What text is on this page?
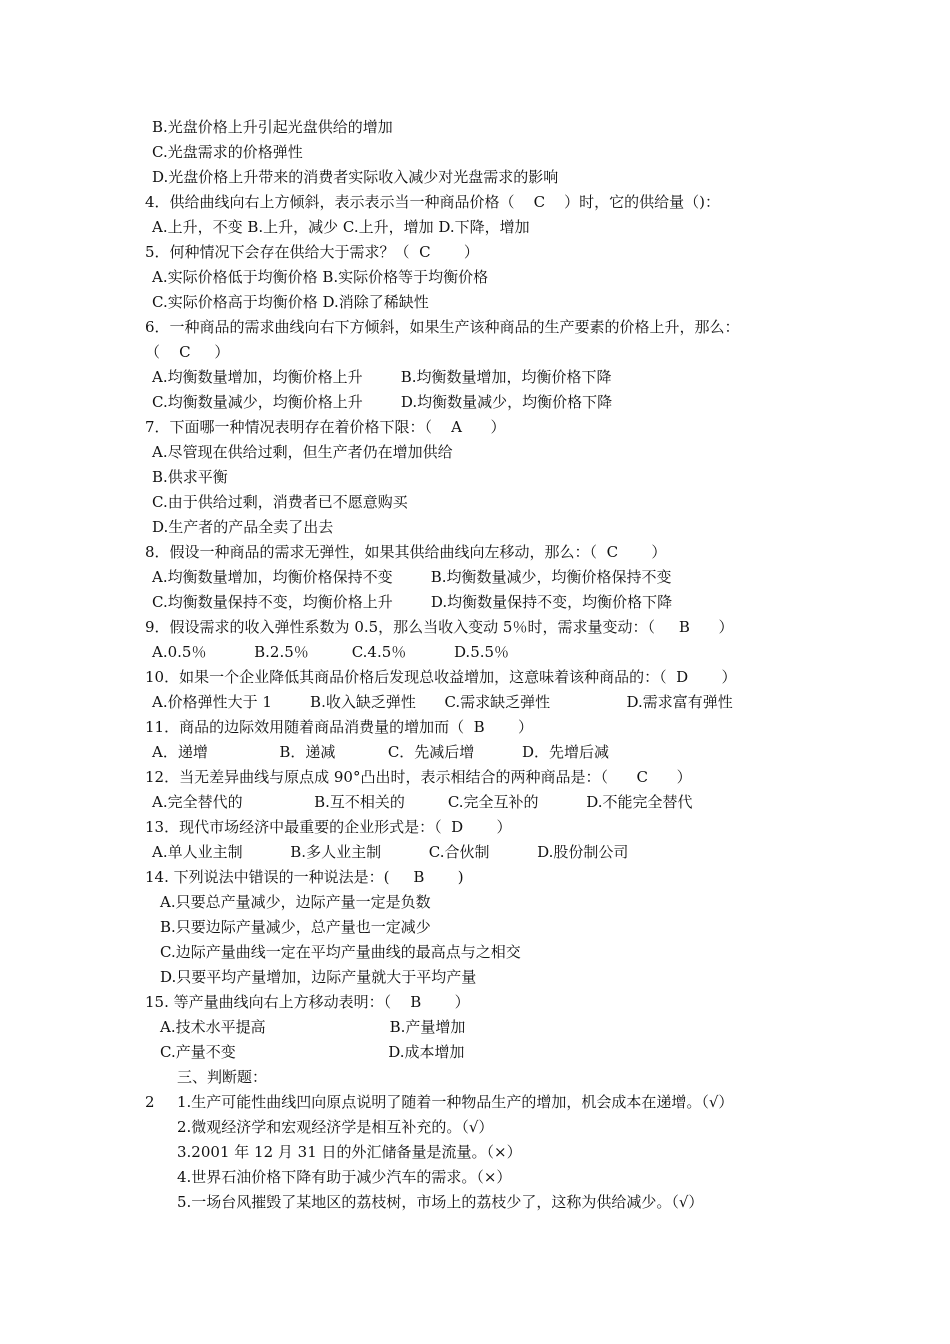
B.光盘价格上升引起光盘供给的增加
C.光盘需求的价格弹性
D.光盘价格上升带来的消费者实际收入减少对光盘需求的影响
4．供给曲线向右上方倾斜，表示表示当一种商品价格（    C    ）时，它的供给量（)：
A.上升，不变 B.上升，减少 C.上升，增加 D.下降，增加
5．何种情况下会存在供给大于需求？（  C       ）
A.实际价格低于均衡价格 B.实际价格等于均衡价格
C.实际价格高于均衡价格 D.消除了稀缺性
6．一种商品的需求曲线向右下方倾斜，如果生产该种商品的生产要素的价格上升，那么：
（    C     ）
A.均衡数量增加，均衡价格上升        B.均衡数量增加，均衡价格下降
C.均衡数量减少，均衡价格上升        D.均衡数量减少，均衡价格下降
7．下面哪一种情况表明存在着价格下限：（    A      ）
A.尽管现在供给过剩，但生产者仍在增加供给
B.供求平衡
C.由于供给过剩，消费者已不愿意购买
D.生产者的产品全卖了出去
8．假设一种商品的需求无弹性，如果其供给曲线向左移动，那么：（  C       ）
A.均衡数量增加，均衡价格保持不变        B.均衡数量减少，均衡价格保持不变
C.均衡数量保持不变，均衡价格上升        D.均衡数量保持不变，均衡价格下降
9．假设需求的收入弹性系数为 0.5，那么当收入变动 5％时，需求量变动：（     B      ）
A.0.5％          B.2.5％         C.4.5％          D.5.5％
10．如果一个企业降低其商品价格后发现总收益增加，这意味着该种商品的：（  D       ）
A.价格弹性大于 1        B.收入缺乏弹性      C.需求缺乏弹性                D.需求富有弹性
11．商品的边际效用随着商品消费量的增加而（  B       ）
A．递增               B．递减           C．先减后增          D．先增后减
12．当无差异曲线与原点成 90°凸出时，表示相结合的两种商品是：（      C      ）
A.完全替代的               B.互不相关的         C.完全互补的          D.不能完全替代
13．现代市场经济中最重要的企业形式是：（  D       ）
A.单人业主制          B.多人业主制          C.合伙制          D.股份制公司
14. 下列说法中错误的一种说法是：(     B       )
A.只要总产量减少，边际产量一定是负数
B.只要边际产量减少，总产量也一定减少
C.边际产量曲线一定在平均产量曲线的最高点与之相交
D.只要平均产量增加，边际产量就大于平均产量
15. 等产量曲线向右上方移动表明：（    B       ）
A.技术水平提高                          B.产量增加
C.产量不变                                D.成本增加
三、判断题：
2 1.生产可能性曲线凹向原点说明了随着一种物品生产的增加，机会成本在递增。（√）
2.微观经济学和宏观经济学是相互补充的。（√）
3.2001 年 12 月 31 日的外汇储备量是流量。（×）
4.世界石油价格下降有助于减少汽车的需求。（×）
5.一场台风摧毁了某地区的荔枝树，市场上的荔枝少了，这称为供给减少。（√）
